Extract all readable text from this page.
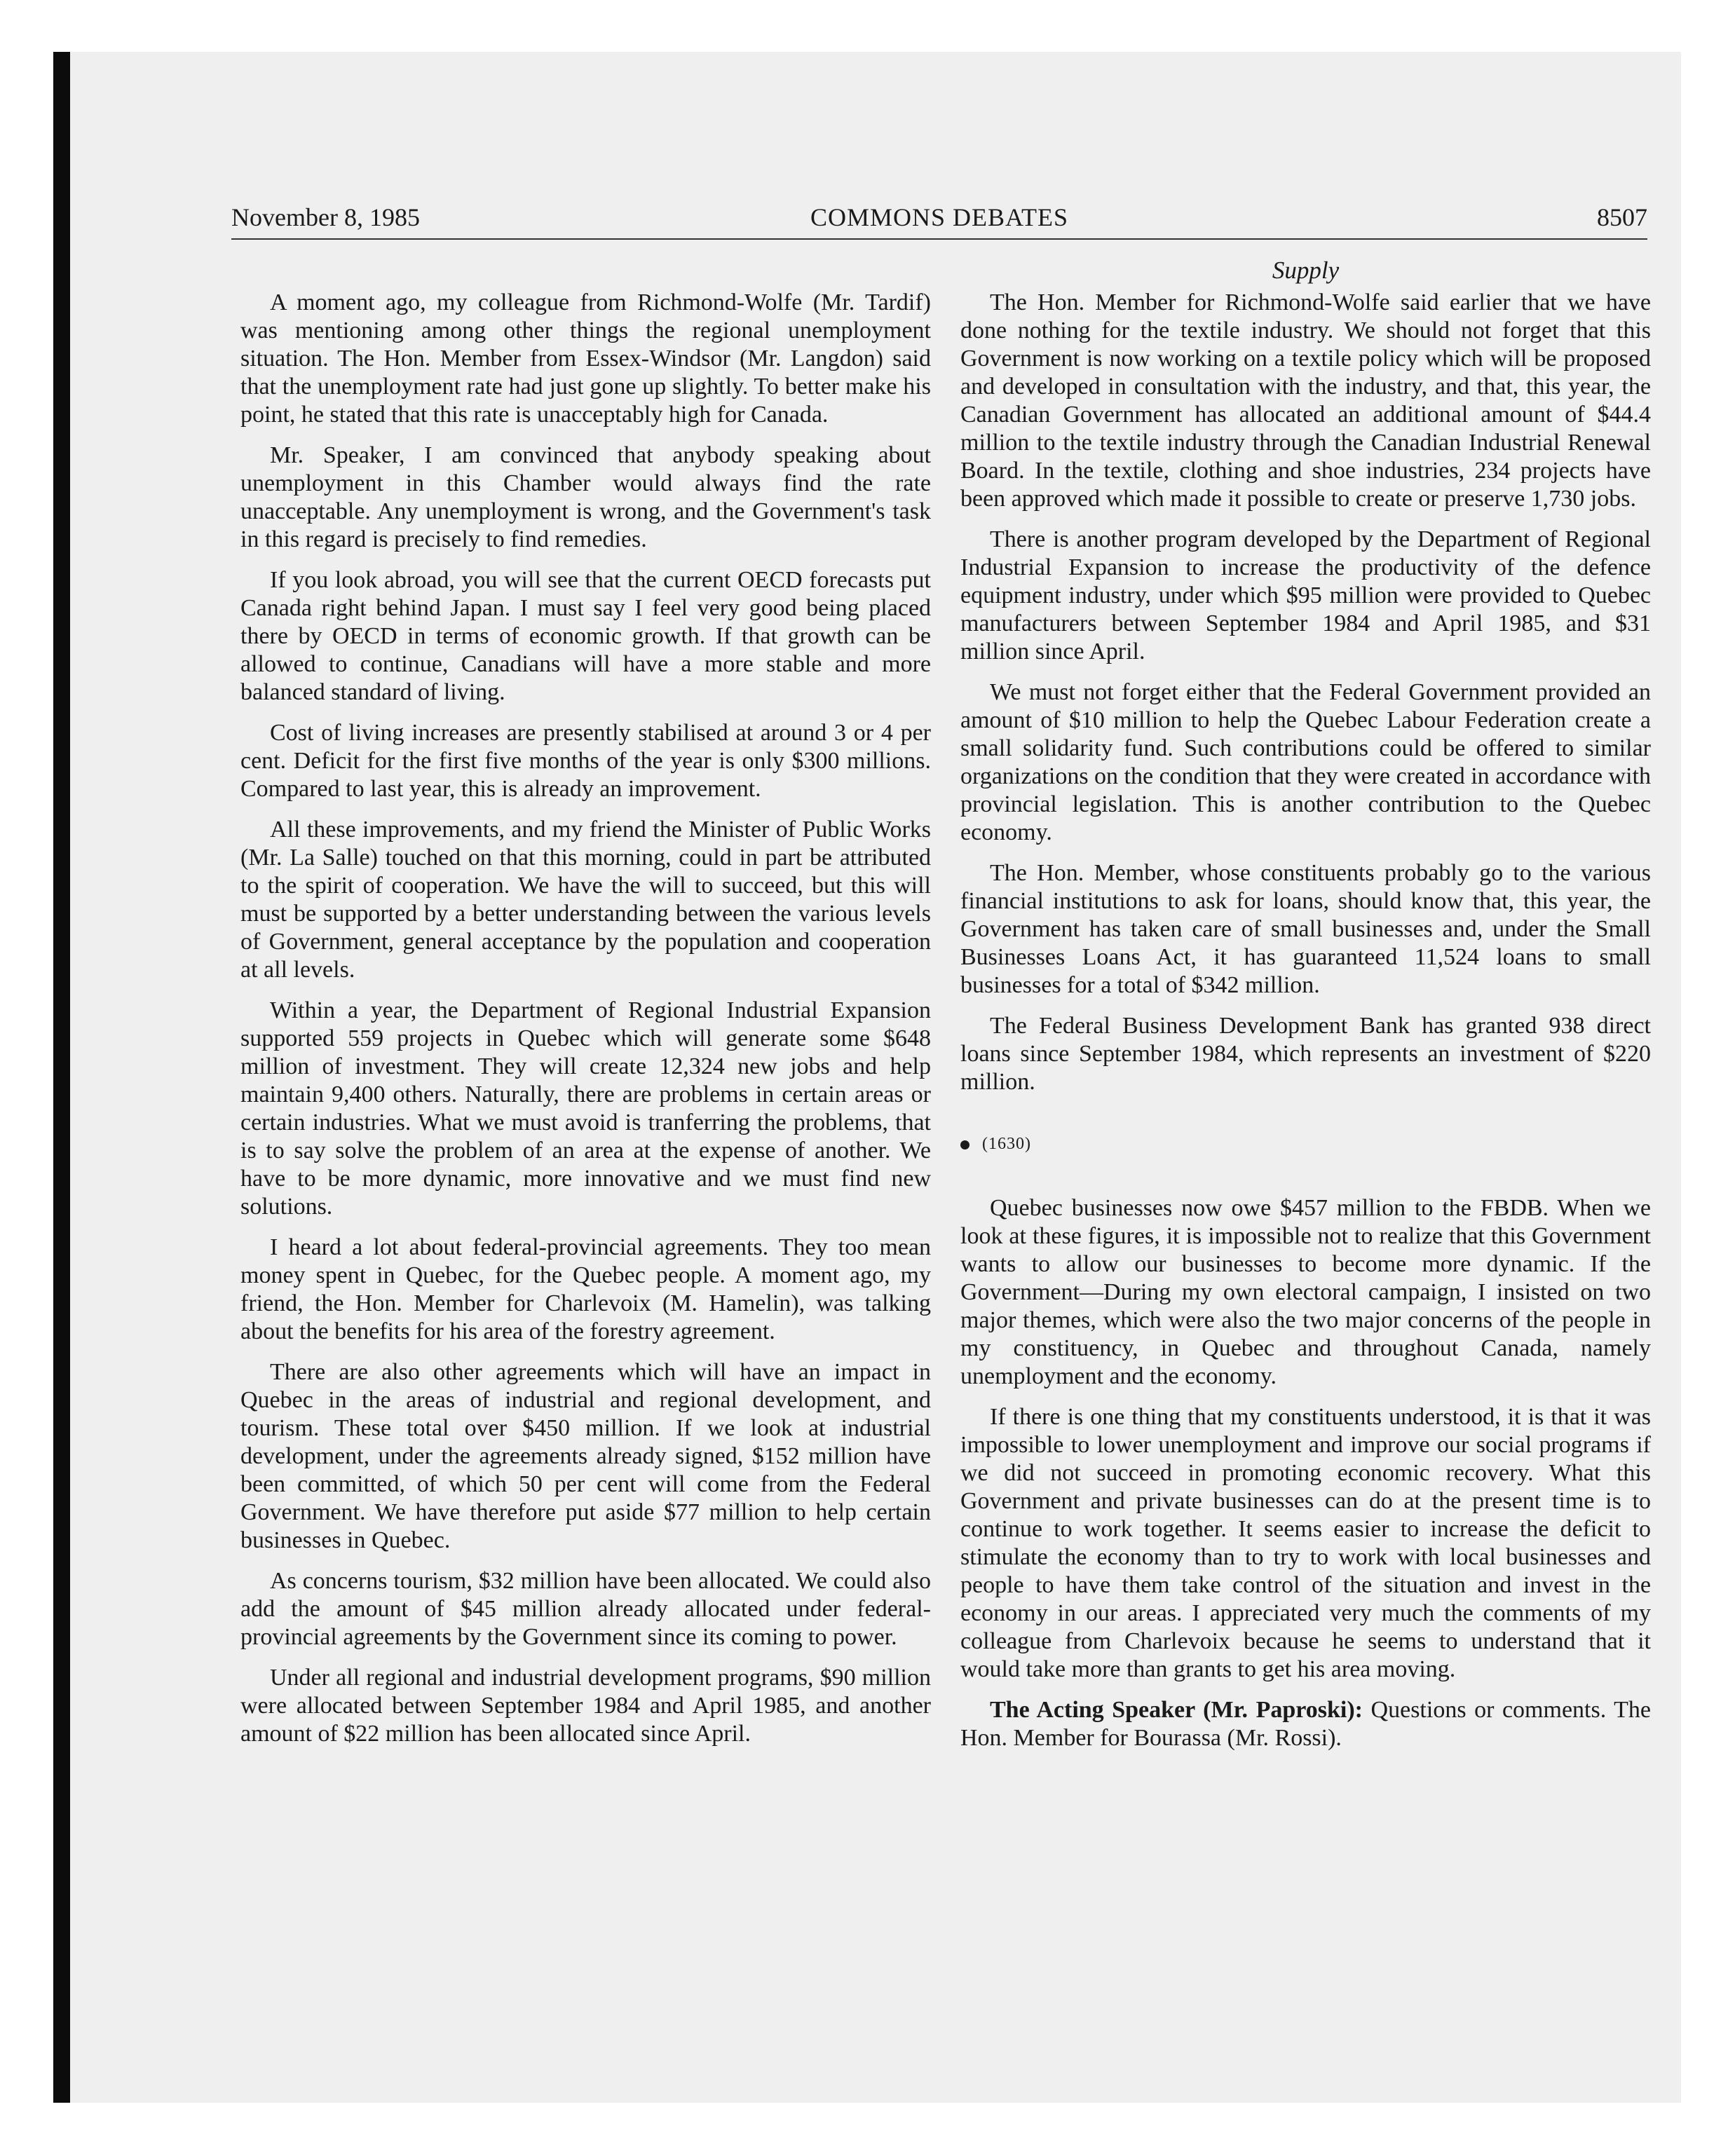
November 8, 1985	COMMONS DEBATES	8507
Supply

A moment ago, my colleague from Richmond-Wolfe (Mr. Tardif) was mentioning among other things the regional unemployment situation. The Hon. Member from Essex-Windsor (Mr. Langdon) said that the unemployment rate had just gone up slightly. To better make his point, he stated that this rate is unacceptably high for Canada.

Mr. Speaker, I am convinced that anybody speaking about unemployment in this Chamber would always find the rate unacceptable. Any unemployment is wrong, and the Government's task in this regard is precisely to find remedies.

If you look abroad, you will see that the current OECD forecasts put Canada right behind Japan. I must say I feel very good being placed there by OECD in terms of economic growth. If that growth can be allowed to continue, Canadians will have a more stable and more balanced standard of living.

Cost of living increases are presently stabilised at around 3 or 4 per cent. Deficit for the first five months of the year is only $300 millions. Compared to last year, this is already an improvement.

All these improvements, and my friend the Minister of Public Works (Mr. La Salle) touched on that this morning, could in part be attributed to the spirit of cooperation. We have the will to succeed, but this will must be supported by a better understanding between the various levels of Government, general acceptance by the population and cooperation at all levels.

Within a year, the Department of Regional Industrial Expansion supported 559 projects in Quebec which will generate some $648 million of investment. They will create 12,324 new jobs and help maintain 9,400 others. Naturally, there are problems in certain areas or certain industries. What we must avoid is tranferring the problems, that is to say solve the problem of an area at the expense of another. We have to be more dynamic, more innovative and we must find new solutions.

I heard a lot about federal-provincial agreements. They too mean money spent in Quebec, for the Quebec people. A moment ago, my friend, the Hon. Member for Charlevoix (M. Hamelin), was talking about the benefits for his area of the forestry agreement.

There are also other agreements which will have an impact in Quebec in the areas of industrial and regional development, and tourism. These total over $450 million. If we look at industrial development, under the agreements already signed, $152 million have been committed, of which 50 per cent will come from the Federal Government. We have therefore put aside $77 million to help certain businesses in Quebec.

As concerns tourism, $32 million have been allocated. We could also add the amount of $45 million already allocated under federal-provincial agreements by the Government since its coming to power.

Under all regional and industrial development programs, $90 million were allocated between September 1984 and April 1985, and another amount of $22 million has been allocated since April.

The Hon. Member for Richmond-Wolfe said earlier that we have done nothing for the textile industry. We should not forget that this Government is now working on a textile policy which will be proposed and developed in consultation with the industry, and that, this year, the Canadian Government has allocated an additional amount of $44.4 million to the textile industry through the Canadian Industrial Renewal Board. In the textile, clothing and shoe industries, 234 projects have been approved which made it possible to create or preserve 1,730 jobs.

There is another program developed by the Department of Regional Industrial Expansion to increase the productivity of the defence equipment industry, under which $95 million were provided to Quebec manufacturers between September 1984 and April 1985, and $31 million since April.

We must not forget either that the Federal Government provided an amount of $10 million to help the Quebec Labour Federation create a small solidarity fund. Such contributions could be offered to similar organizations on the condition that they were created in accordance with provincial legislation. This is another contribution to the Quebec economy.

The Hon. Member, whose constituents probably go to the various financial institutions to ask for loans, should know that, this year, the Government has taken care of small businesses and, under the Small Businesses Loans Act, it has guaranteed 11,524 loans to small businesses for a total of $342 million.

The Federal Business Development Bank has granted 938 direct loans since September 1984, which represents an investment of $220 million.

(1630)

Quebec businesses now owe $457 million to the FBDB. When we look at these figures, it is impossible not to realize that this Government wants to allow our businesses to become more dynamic. If the Government—During my own electoral campaign, I insisted on two major themes, which were also the two major concerns of the people in my constituency, in Quebec and throughout Canada, namely unemployment and the economy.

If there is one thing that my constituents understood, it is that it was impossible to lower unemployment and improve our social programs if we did not succeed in promoting economic recovery. What this Government and private businesses can do at the present time is to continue to work together. It seems easier to increase the deficit to stimulate the economy than to try to work with local businesses and people to have them take control of the situation and invest in the economy in our areas. I appreciated very much the comments of my colleague from Charlevoix because he seems to understand that it would take more than grants to get his area moving.

The Acting Speaker (Mr. Paproski): Questions or comments. The Hon. Member for Bourassa (Mr. Rossi).
